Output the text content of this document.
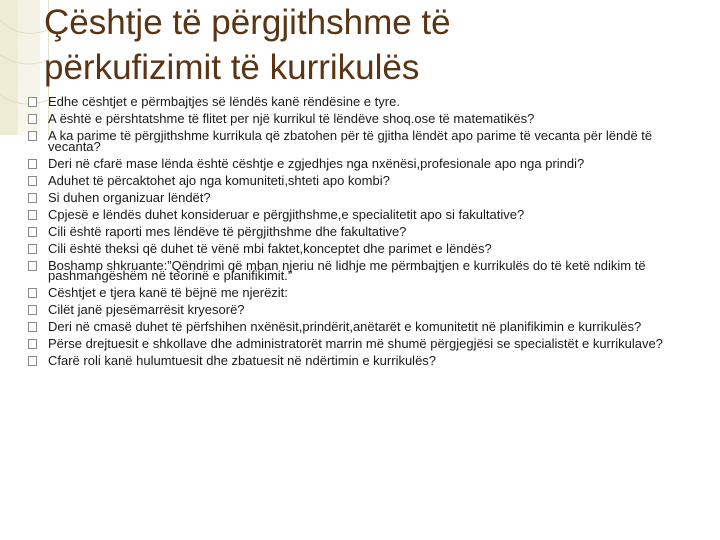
Çështje të përgjithshme të
përkufizimit të kurrikulës
Edhe cështjet e përmbajtjes së lëndës kanë rëndësine e tyre.
A është e përshtatshme të flitet per një kurrikul të lëndëve shoq.ose të matematikës?
A ka parime të përgjithshme kurrikula që zbatohen për të gjitha lëndët apo parime të vecanta për lëndë të vecanta?
Deri në cfarë mase lënda është cështje e zgjedhjes nga nxënësi,profesionale apo nga prindi?
Aduhet të përcaktohet ajo nga komuniteti,shteti apo kombi?
Si duhen organizuar lëndët?
Cpjesë e lëndës duhet konsideruar e përgjithshme,e specialitetit apo si fakultative?
Cili është raporti mes lëndëve të përgjithshme dhe fakultative?
Cili është theksi që duhet të vënë mbi faktet,konceptet dhe parimet e lëndës?
Boshamp shkruante:”Qëndrimi që mban njeriu në lidhje me përmbajtjen e kurrikulës do të ketë ndikim të pashmangëshëm në teorinë e planifikimit.”
Cështjet e tjera kanë të bëjnë me njerëzit:
Cilët janë pjesëmarrësit kryesorë?
Deri në cmasë duhet të përfshihen nxënësit,prindërit,anëtarët e komunitetit në planifikimin e kurrikulës?
Përse drejtuesit e shkollave dhe administratorët marrin më shumë përgjegjësi se specialistët e kurrikulave?
Cfarë roli kanë hulumtuesit dhe zbatuesit në ndërtimin e kurrikulës?
